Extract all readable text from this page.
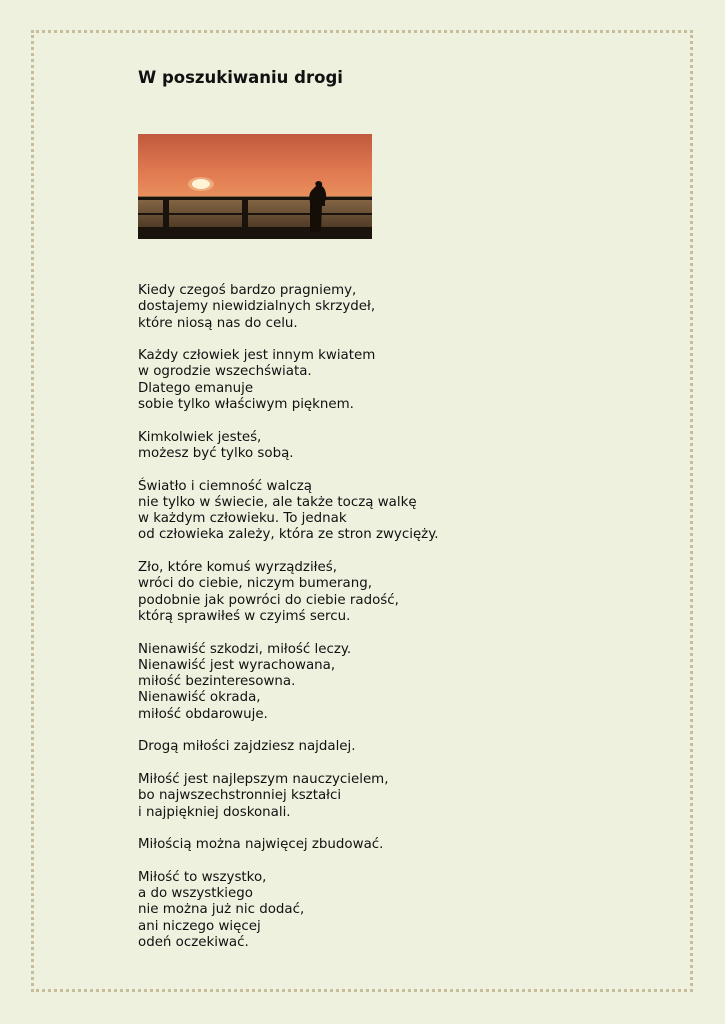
W poszukiwaniu drogi

Kiedy czegoś bardzo pragniemy,
dostajemy niewidzialnych skrzydeł,
które niosą nas do celu.

Każdy człowiek jest innym kwiatem
w ogrodzie wszechświata.
Dlatego emanuje
sobie tylko właściwym pięknem.

Kimkolwiek jesteś,
możesz być tylko sobą.

Światło i ciemność walczą
nie tylko w świecie, ale także toczą walkę
w każdym człowieku. To jednak
od człowieka zależy, która ze stron zwycięży.

Zło, które komuś wyrządziłeś,
wróci do ciebie, niczym bumerang,
podobnie jak powróci do ciebie radość,
którą sprawiłeś w czyimś sercu.

Nienawiść szkodzi, miłość leczy.
Nienawiść jest wyrachowana,
miłość bezinteresowna.
Nienawiść okrada,
miłość obdarowuje.

Drogą miłości zajdziesz najdalej.

Miłość jest najlepszym nauczycielem,
bo najwszechstronniej kształci
i najpiękniej doskonali.

Miłością można najwięcej zbudować.

Miłość to wszystko,
a do wszystkiego
nie można już nic dodać,
ani niczego więcej
odeń oczekiwać.
